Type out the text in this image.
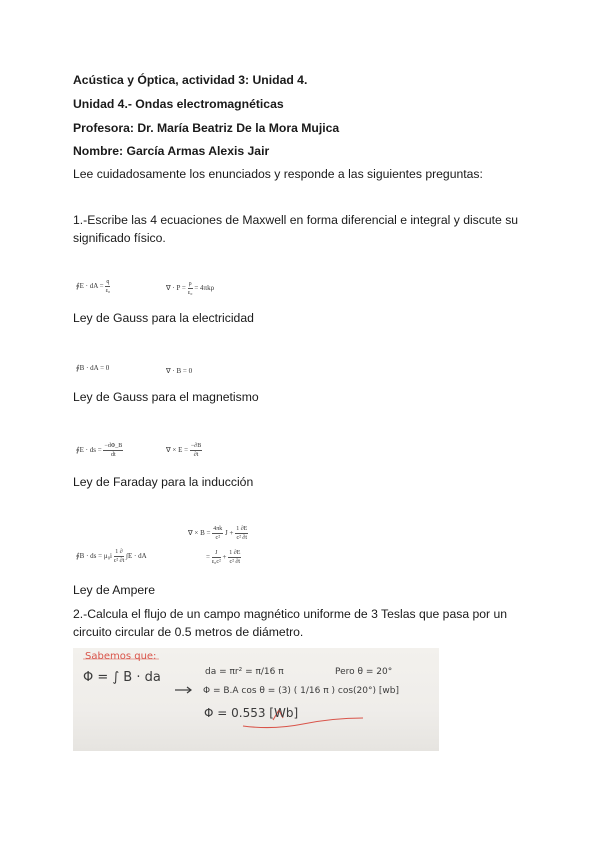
Acústica y Óptica, actividad 3: Unidad 4.
Unidad 4.- Ondas electromagnéticas
Profesora: Dr. María Beatriz De la Mora Mujica
Nombre: García Armas Alexis Jair
Lee cuidadosamente los enunciados y responde a las siguientes preguntas:
1.-Escribe las 4 ecuaciones de Maxwell en forma diferencial e integral y discute su significado físico.
∮E · dA = $\frac{q}{\text{ε₀}}$	∇ · $P = \frac{\rho}{\text{ε₀}} = 4\pi k\rho$
Ley de Gauss para la electricidad
∮B · dA = 0	∇ · B = 0
Ley de Gauss para el magnetismo
∮E · ds = $\frac{-d\Phi\_B}{dt}$	∇ × $E = \frac{-\partial B}{\partial t}$
Ley de Faraday para la inducción
∮B · ds = $\mu_0i \frac{1 \partial}{\text{c² ∂t}} \int E$ · dA
∇ × $B = \frac{4\pi k}{\text{c²}}$ $J + \frac{1 \partial E}{\text{c² ∂t}}$
= $\frac{J}{\text{ε₀c²}} + \frac{1 \partial E}{\text{c² ∂t}}$
Ley de Ampere
2.-Calcula el flujo de un campo magnético uniforme de 3 Teslas que pasa por un circuito circular de 0.5 metros de diámetro.
Sabemos que:
Φ = ∫ B · da	da = πr² = π/16 π	Pero θ = 20°
Φ = B.A cos θ = (3) ( 1/16 π ) cos(20°) [wb]
Φ = 0.553 [Wb]
